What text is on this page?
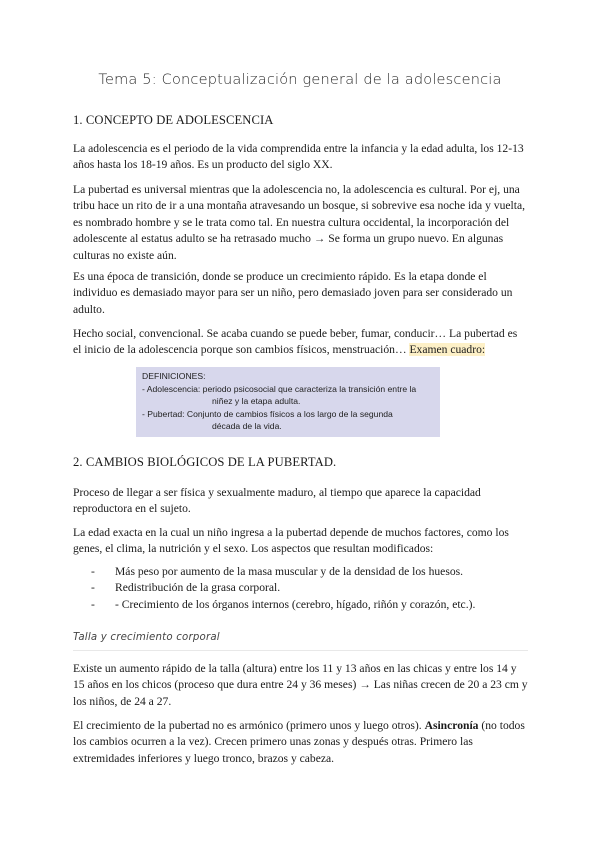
Tema 5: Conceptualización general de la adolescencia
1. CONCEPTO DE ADOLESCENCIA

La adolescencia es el periodo de la vida comprendida entre la infancia y la edad adulta, los 12-13 años hasta los 18-19 años. Es un producto del siglo XX.

La pubertad es universal mientras que la adolescencia no, la adolescencia es cultural. Por ej, una tribu hace un rito de ir a una montaña atravesando un bosque, si sobrevive esa noche ida y vuelta, es nombrado hombre y se le trata como tal. En nuestra cultura occidental, la incorporación del adolescente al estatus adulto se ha retrasado mucho → Se forma un grupo nuevo. En algunas culturas no existe aún.

Es una época de transición, donde se produce un crecimiento rápido. Es la etapa donde el individuo es demasiado mayor para ser un niño, pero demasiado joven para ser considerado un adulto.

Hecho social, convencional. Se acaba cuando se puede beber, fumar, conducir… La pubertad es el inicio de la adolescencia porque son cambios físicos, menstruación… Examen cuadro:

DEFINICIONES:
- Adolescencia: periodo psicosocial que caracteriza la transición entre la
niñez y la etapa adulta.
- Pubertad: Conjunto de cambios físicos a los largo de la segunda
década de la vida.
2. CAMBIOS BIOLÓGICOS DE LA PUBERTAD.

Proceso de llegar a ser física y sexualmente maduro, al tiempo que aparece la capacidad reproductora en el sujeto.

La edad exacta en la cual un niño ingresa a la pubertad depende de muchos factores, como los genes, el clima, la nutrición y el sexo. Los aspectos que resultan modificados:

- Más peso por aumento de la masa muscular y de la densidad de los huesos.
- Redistribución de la grasa corporal.
- - Crecimiento de los órganos internos (cerebro, hígado, riñón y corazón, etc.).
Talla y crecimiento corporal

Existe un aumento rápido de la talla (altura) entre los 11 y 13 años en las chicas y entre los 14 y 15 años en los chicos (proceso que dura entre 24 y 36 meses) → Las niñas crecen de 20 a 23 cm y los niños, de 24 a 27.

El crecimiento de la pubertad no es armónico (primero unos y luego otros). Asincronía (no todos los cambios ocurren a la vez). Crecen primero unas zonas y después otras. Primero las extremidades inferiores y luego tronco, brazos y cabeza.
